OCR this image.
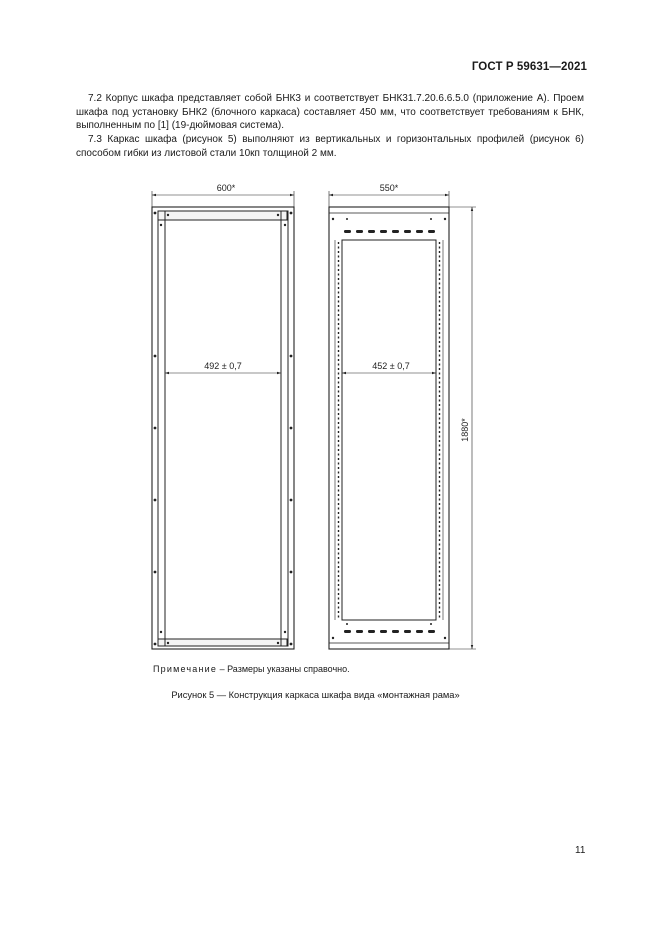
ГОСТ Р 59631—2021
7.2 Корпус шкафа представляет собой БНК3 и соответствует БНК31.7.20.6.6.5.0 (приложение А). Проем шкафа под установку БНК2 (блочного каркаса) составляет 450 мм, что соответствует требованиям к БНК, выполненным по [1] (19-дюймовая система).
7.3 Каркас шкафа (рисунок 5) выполняют из вертикальных и горизонтальных профилей (рисунок 6) способом гибки из листовой стали 10кп толщиной 2 мм.
600*
492 ± 0,7
550*
452 ± 0,7
1880*
Примечание – Размеры указаны справочно.
Рисунок 5 — Конструкция каркаса шкафа вида «монтажная рама»
11
